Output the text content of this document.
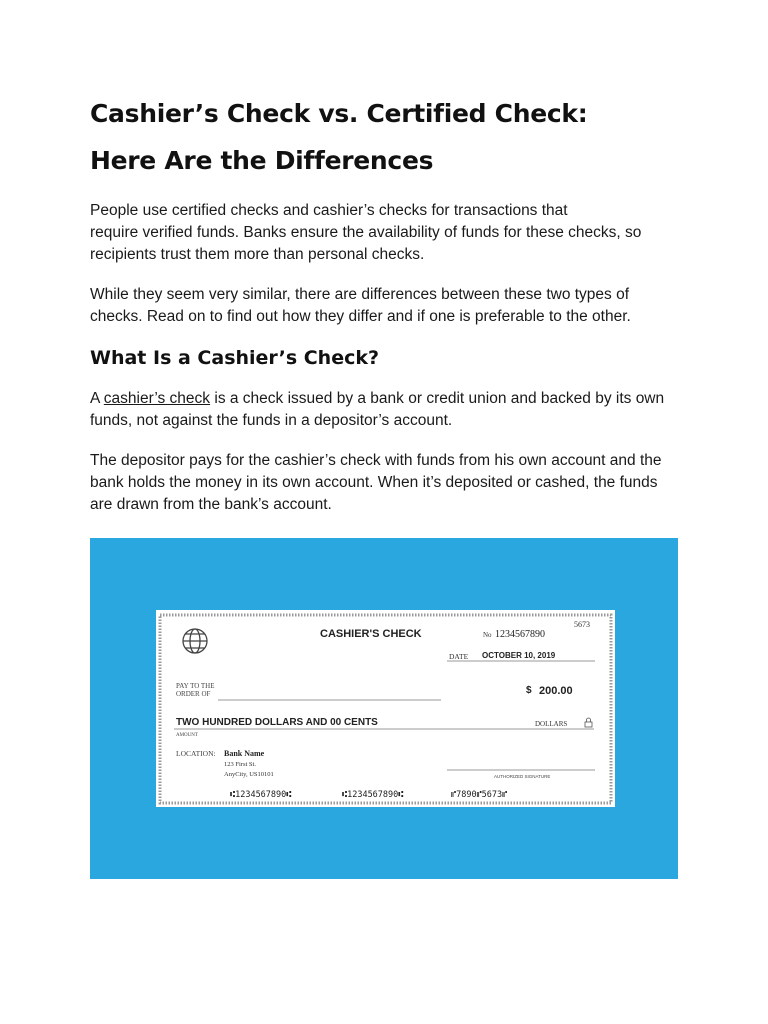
Cashier’s Check vs. Certified Check:
Here Are the Differences

People use certified checks and cashier’s checks for transactions that
require verified funds. Banks ensure the availability of funds for these checks, so
recipients trust them more than personal checks.

While they seem very similar, there are differences between these two types of
checks. Read on to find out how they differ and if one is preferable to the other.

What Is a Cashier’s Check?

A cashier’s check is a check issued by a bank or credit union and backed by its own
funds, not against the funds in a depositor’s account.

The depositor pays for the cashier’s check with funds from his own account and the
bank holds the money in its own account. When it’s deposited or cashed, the funds
are drawn from the bank’s account.

5673
CASHIER'S CHECK	No 1234567890
DATE OCTOBER 10, 2019
PAY TO THE
ORDER OF	$ 200.00
TWO HUNDRED DOLLARS AND 00 CENTS	DOLLARS
AMOUNT
LOCATION: Bank Name
123 First St.
AnyCity, US10101	AUTHORIZED SIGNATURE
⑆1234567890⑆	⑆1234567890⑆	⑈7890⑈5673⑈
